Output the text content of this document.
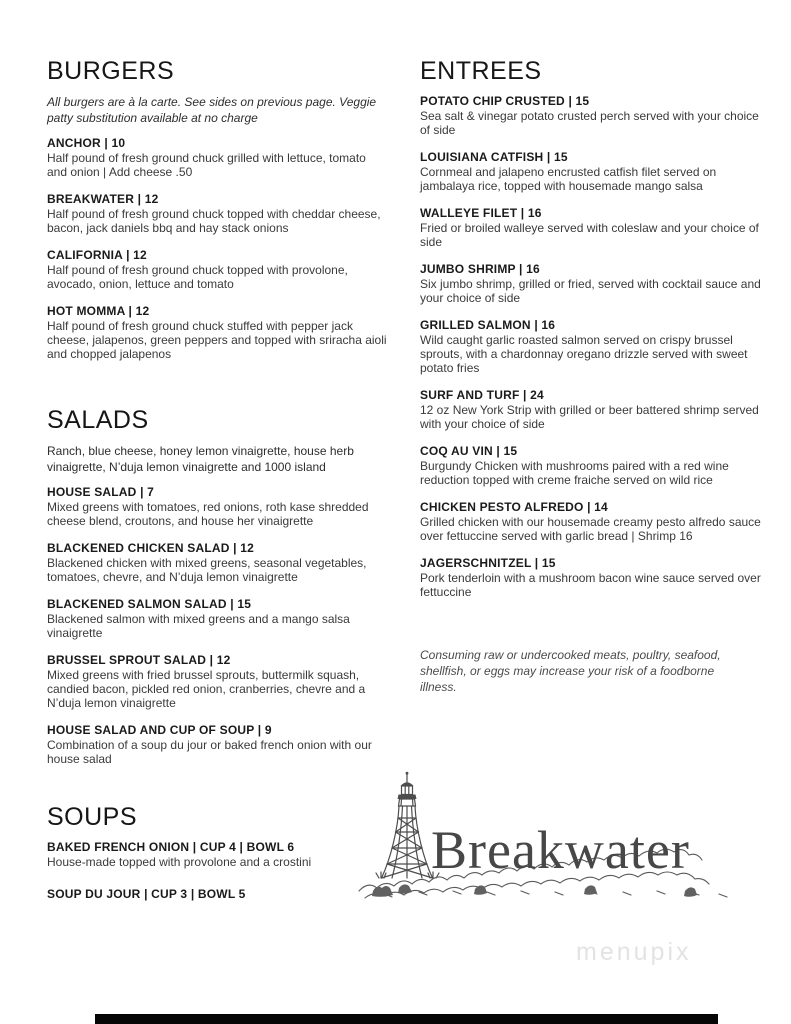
BURGERS

All burgers are à la carte. See sides on previous page. Veggie patty substitution available at no charge

ANCHOR | 10
Half pound of fresh ground chuck grilled with lettuce, tomato and onion | Add cheese .50
BREAKWATER | 12
Half pound of fresh ground chuck topped with cheddar cheese, bacon, jack daniels bbq and hay stack onions
CALIFORNIA | 12
Half pound of fresh ground chuck topped with provolone, avocado, onion, lettuce and tomato
HOT MOMMA | 12
Half pound of fresh ground chuck stuffed with pepper jack cheese, jalapenos, green peppers and topped with sriracha aioli and chopped jalapenos
SALADS

Ranch, blue cheese, honey lemon vinaigrette, house herb vinaigrette, N’duja lemon vinaigrette and 1000 island

HOUSE SALAD | 7
Mixed greens with tomatoes, red onions, roth kase shredded cheese blend, croutons, and house her vinaigrette
BLACKENED CHICKEN SALAD | 12
Blackened chicken with mixed greens, seasonal vegetables, tomatoes, chevre, and N’duja lemon vinaigrette
BLACKENED SALMON SALAD | 15
Blackened salmon with mixed greens and a mango salsa vinaigrette
BRUSSEL SPROUT SALAD | 12
Mixed greens with fried brussel sprouts, buttermilk squash, candied bacon, pickled red onion, cranberries, chevre and a N’duja lemon vinaigrette
HOUSE SALAD AND CUP OF SOUP | 9
Combination of a soup du jour or baked french onion with our house salad
SOUPS
BAKED FRENCH ONION | CUP 4 | BOWL 6
House-made topped with provolone and a crostini
SOUP DU JOUR | CUP 3 | BOWL 5
ENTREES
POTATO CHIP CRUSTED | 15
Sea salt & vinegar potato crusted perch served with your choice of side
LOUISIANA CATFISH | 15
Cornmeal and jalapeno encrusted catfish filet served on jambalaya rice, topped with housemade mango salsa
WALLEYE FILET | 16
Fried or broiled walleye served with coleslaw and your choice of side
JUMBO SHRIMP | 16
Six jumbo shrimp, grilled or fried, served with cocktail sauce and your choice of side
GRILLED SALMON | 16
Wild caught garlic roasted salmon served on crispy brussel sprouts, with a chardonnay oregano drizzle served with sweet potato fries
SURF AND TURF | 24
12 oz New York Strip with grilled or beer battered shrimp served with your choice of side
COQ AU VIN | 15
Burgundy Chicken with mushrooms paired with a red wine reduction topped with creme fraiche served on wild rice
CHICKEN PESTO ALFREDO | 14
Grilled chicken with our housemade creamy pesto alfredo sauce over fettuccine served with garlic bread | Shrimp 16
JAGERSCHNITZEL | 15
Pork tenderloin with a mushroom bacon wine sauce served over fettuccine

Consuming raw or undercooked meats, poultry, seafood, shellfish, or eggs may increase your risk of a foodborne illness.

Breakwater
menupix
